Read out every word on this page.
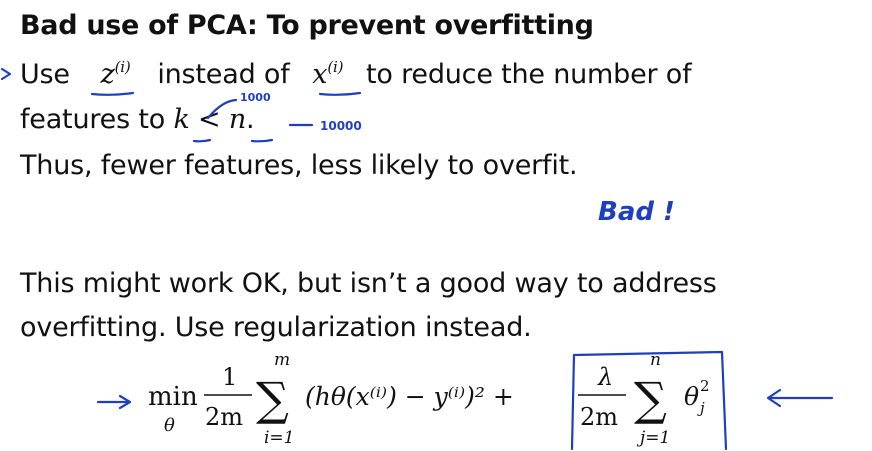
Bad use of PCA: To prevent overfitting
Use $z^{(i)}$ instead of $x^{(i)}$ to reduce the number of
features to k < n.
Thus, fewer features, less likely to overfit.
This might work OK, but isn’t a good way to address
overfitting. Use regularization instead.
1000
10000
Bad !
min
θ
1
2m
m
∑
i=1
(hθ(x⁽ⁱ⁾) − y⁽ⁱ⁾)² +
λ
2m
n
∑
j=1
θ 2
j
